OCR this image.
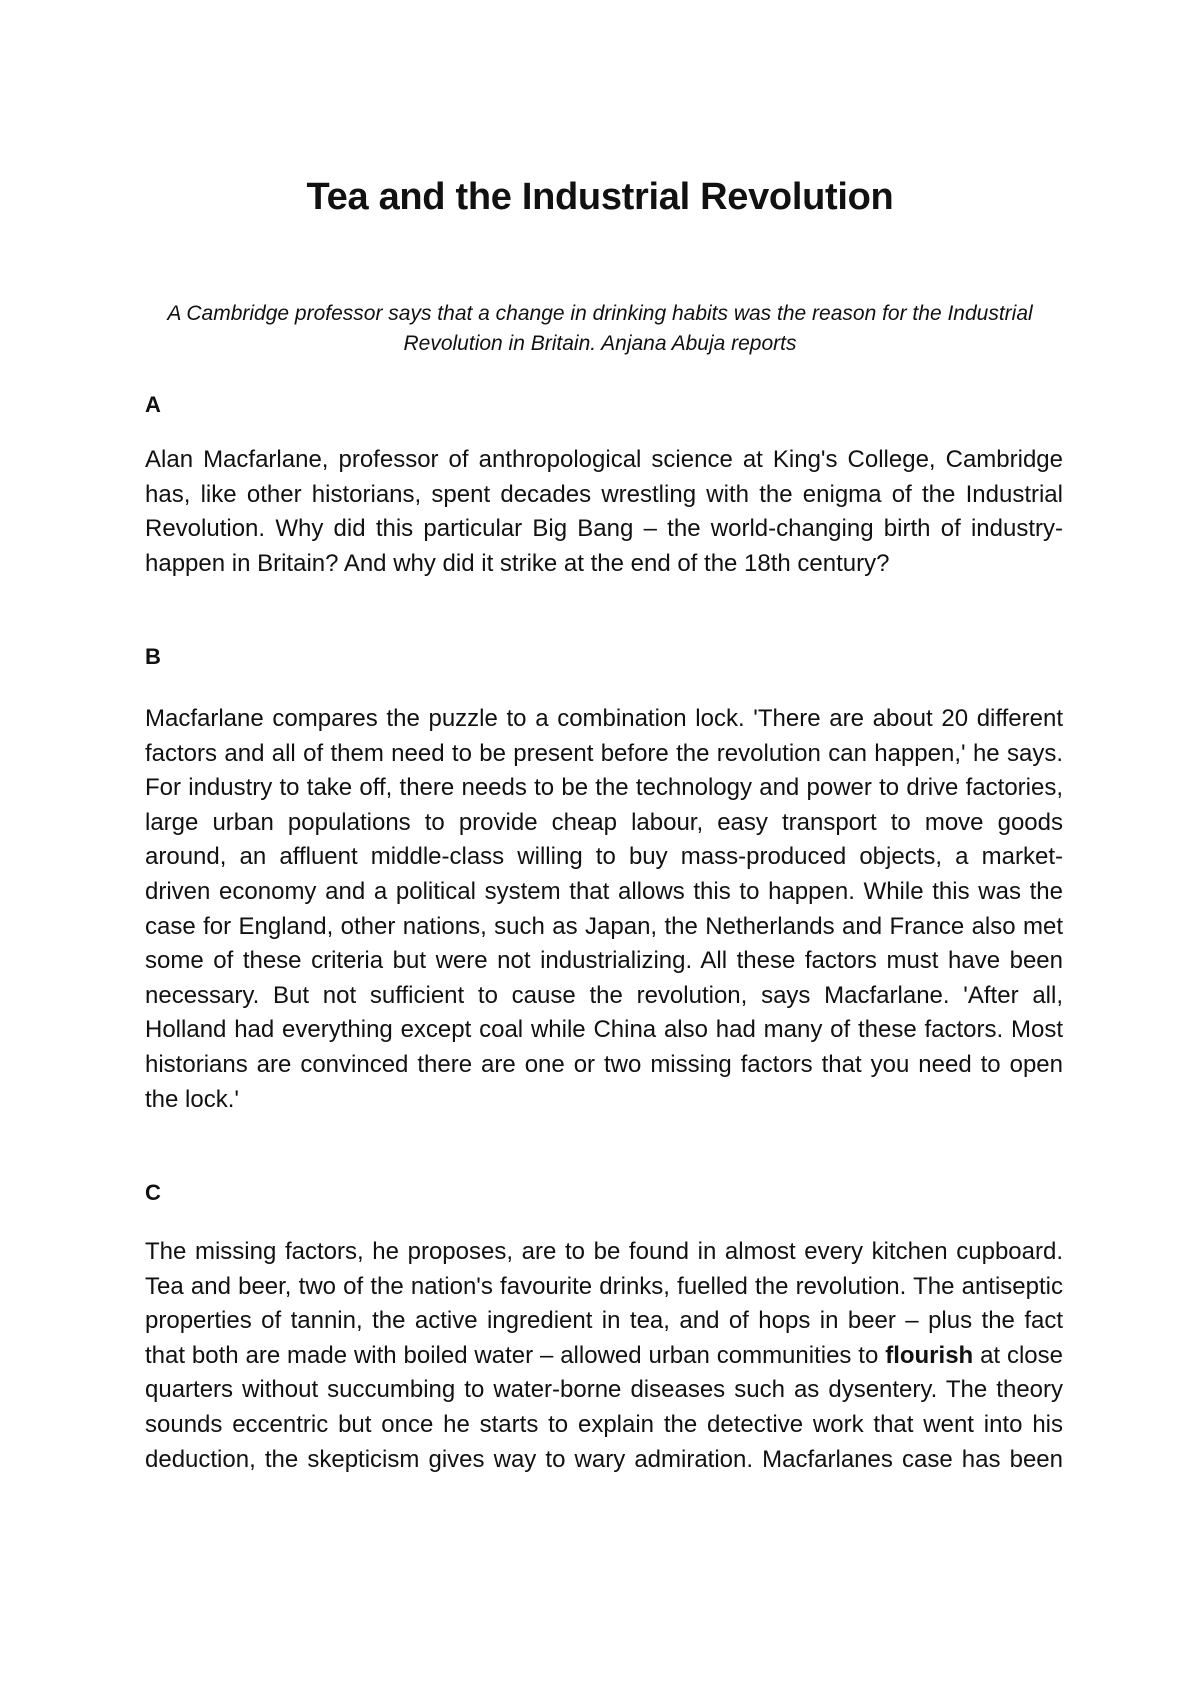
Tea and the Industrial Revolution

A Cambridge professor says that a change in drinking habits was the reason for the Industrial Revolution in Britain. Anjana Abuja reports

A

Alan Macfarlane, professor of anthropological science at King's College, Cambridge has, like other historians, spent decades wrestling with the enigma of the Industrial Revolution. Why did this particular Big Bang – the world-changing birth of industry-happen in Britain? And why did it strike at the end of the 18th century?

B

Macfarlane compares the puzzle to a combination lock. 'There are about 20 different factors and all of them need to be present before the revolution can happen,' he says. For industry to take off, there needs to be the technology and power to drive factories, large urban populations to provide cheap labour, easy transport to move goods around, an affluent middle-class willing to buy mass-produced objects, a market-driven economy and a political system that allows this to happen. While this was the case for England, other nations, such as Japan, the Netherlands and France also met some of these criteria but were not industrializing. All these factors must have been necessary. But not sufficient to cause the revolution, says Macfarlane. 'After all, Holland had everything except coal while China also had many of these factors. Most historians are convinced there are one or two missing factors that you need to open the lock.'

C

The missing factors, he proposes, are to be found in almost every kitchen cupboard. Tea and beer, two of the nation's favourite drinks, fuelled the revolution. The antiseptic properties of tannin, the active ingredient in tea, and of hops in beer – plus the fact that both are made with boiled water – allowed urban communities to flourish at close quarters without succumbing to water-borne diseases such as dysentery. The theory sounds eccentric but once he starts to explain the detective work that went into his deduction, the skepticism gives way to wary admiration. Macfarlanes case has been
